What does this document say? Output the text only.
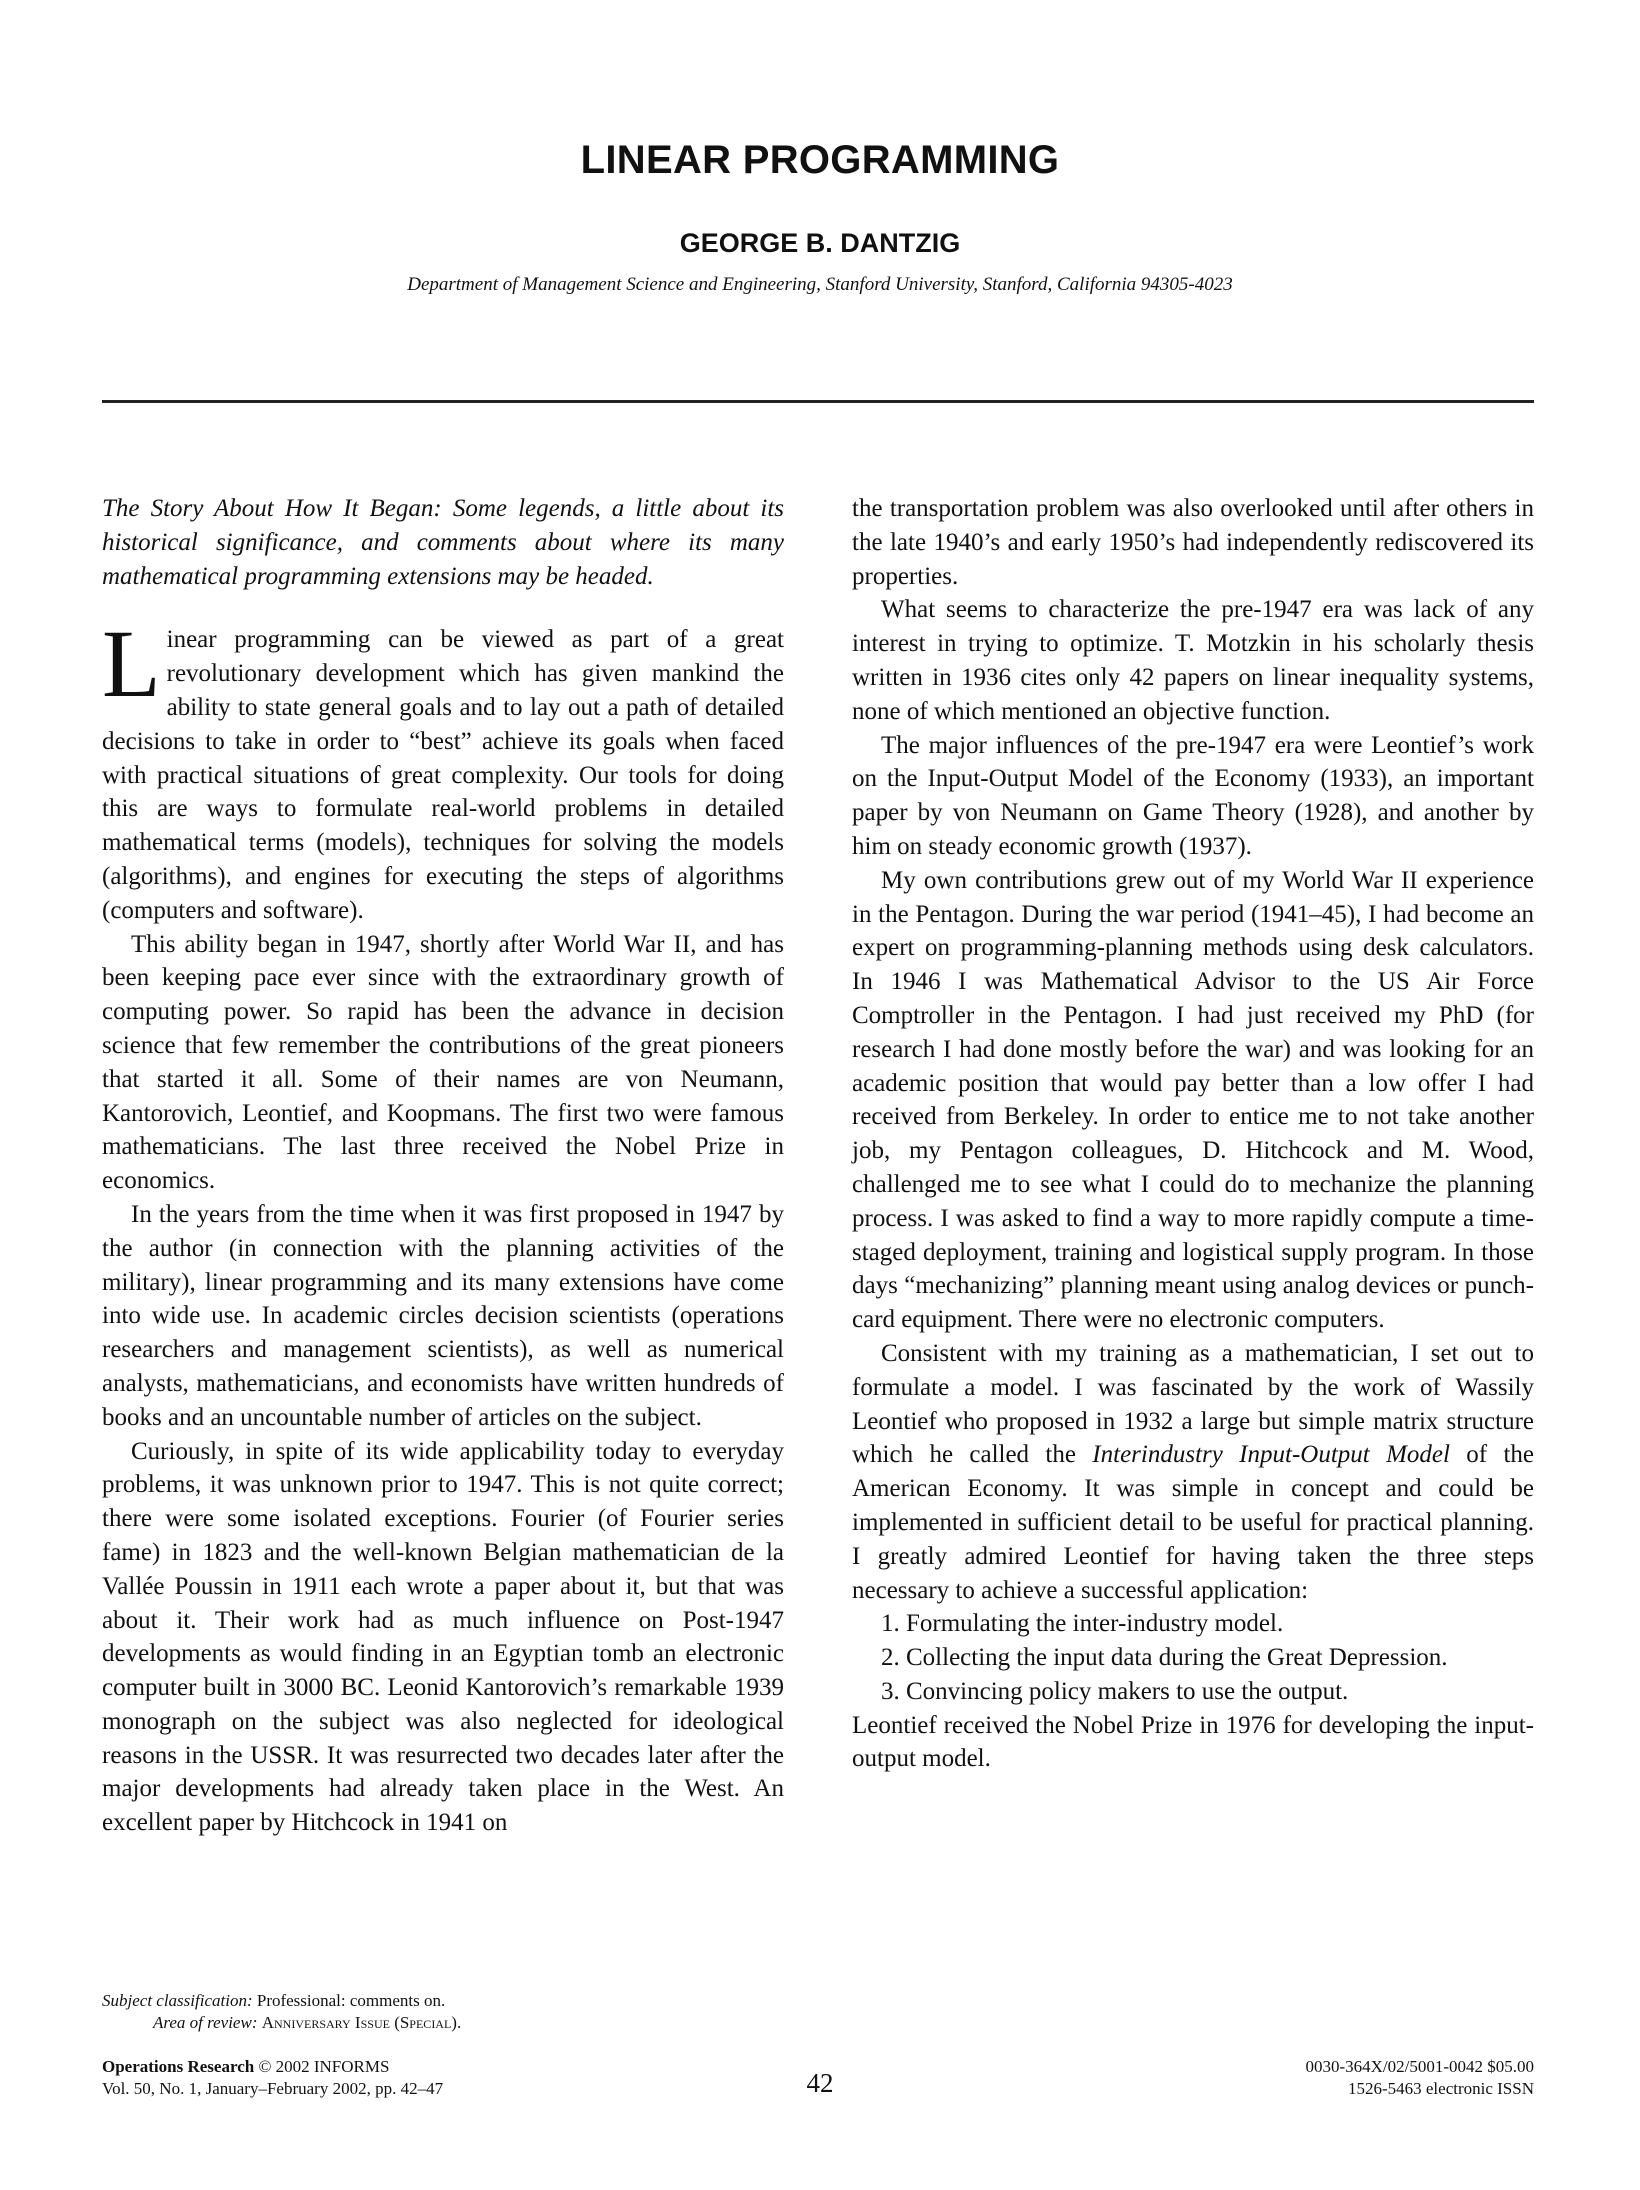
LINEAR PROGRAMMING
GEORGE B. DANTZIG

Department of Management Science and Engineering, Stanford University, Stanford, California 94305-4023

The Story About How It Began: Some legends, a little about its historical significance, and comments about where its many mathematical programming extensions may be headed.

Linear programming can be viewed as part of a great revolutionary development which has given mankind the ability to state general goals and to lay out a path of detailed decisions to take in order to “best” achieve its goals when faced with practical situations of great complexity. Our tools for doing this are ways to formulate real-world problems in detailed mathematical terms (models), techniques for solving the models (algorithms), and engines for executing the steps of algorithms (computers and software).

This ability began in 1947, shortly after World War II, and has been keeping pace ever since with the extraordinary growth of computing power. So rapid has been the advance in decision science that few remember the contributions of the great pioneers that started it all. Some of their names are von Neumann, Kantorovich, Leontief, and Koopmans. The first two were famous mathematicians. The last three received the Nobel Prize in economics.

In the years from the time when it was first proposed in 1947 by the author (in connection with the planning activities of the military), linear programming and its many extensions have come into wide use. In academic circles decision scientists (operations researchers and management scientists), as well as numerical analysts, mathematicians, and economists have written hundreds of books and an uncountable number of articles on the subject.

Curiously, in spite of its wide applicability today to everyday problems, it was unknown prior to 1947. This is not quite correct; there were some isolated exceptions. Fourier (of Fourier series fame) in 1823 and the well-known Belgian mathematician de la Vallée Poussin in 1911 each wrote a paper about it, but that was about it. Their work had as much influence on Post-1947 developments as would finding in an Egyptian tomb an electronic computer built in 3000 BC. Leonid Kantorovich’s remarkable 1939 monograph on the subject was also neglected for ideological reasons in the USSR. It was resurrected two decades later after the major developments had already taken place in the West. An excellent paper by Hitchcock in 1941 on

the transportation problem was also overlooked until after others in the late 1940’s and early 1950’s had independently rediscovered its properties.

What seems to characterize the pre-1947 era was lack of any interest in trying to optimize. T. Motzkin in his scholarly thesis written in 1936 cites only 42 papers on linear inequality systems, none of which mentioned an objective function.

The major influences of the pre-1947 era were Leontief’s work on the Input-Output Model of the Economy (1933), an important paper by von Neumann on Game Theory (1928), and another by him on steady economic growth (1937).

My own contributions grew out of my World War II experience in the Pentagon. During the war period (1941–45), I had become an expert on programming-planning methods using desk calculators. In 1946 I was Mathematical Advisor to the US Air Force Comptroller in the Pentagon. I had just received my PhD (for research I had done mostly before the war) and was looking for an academic position that would pay better than a low offer I had received from Berkeley. In order to entice me to not take another job, my Pentagon colleagues, D. Hitchcock and M. Wood, challenged me to see what I could do to mechanize the planning process. I was asked to find a way to more rapidly compute a time-staged deployment, training and logistical supply program. In those days “mechanizing” planning meant using analog devices or punch-card equipment. There were no electronic computers.

Consistent with my training as a mathematician, I set out to formulate a model. I was fascinated by the work of Wassily Leontief who proposed in 1932 a large but simple matrix structure which he called the Interindustry Input-Output Model of the American Economy. It was simple in concept and could be implemented in sufficient detail to be useful for practical planning. I greatly admired Leontief for having taken the three steps necessary to achieve a successful application:

1. Formulating the inter-industry model.
2. Collecting the input data during the Great Depression.
3. Convincing policy makers to use the output.

Leontief received the Nobel Prize in 1976 for developing the input-output model.

Subject classification: Professional: comments on.
Area of review: Anniversary Issue (Special).
Operations Research © 2002 INFORMS
Vol. 50, No. 1, January–February 2002, pp. 42–47	42
0030-364X/02/5001-0042 $05.00
1526-5463 electronic ISSN
